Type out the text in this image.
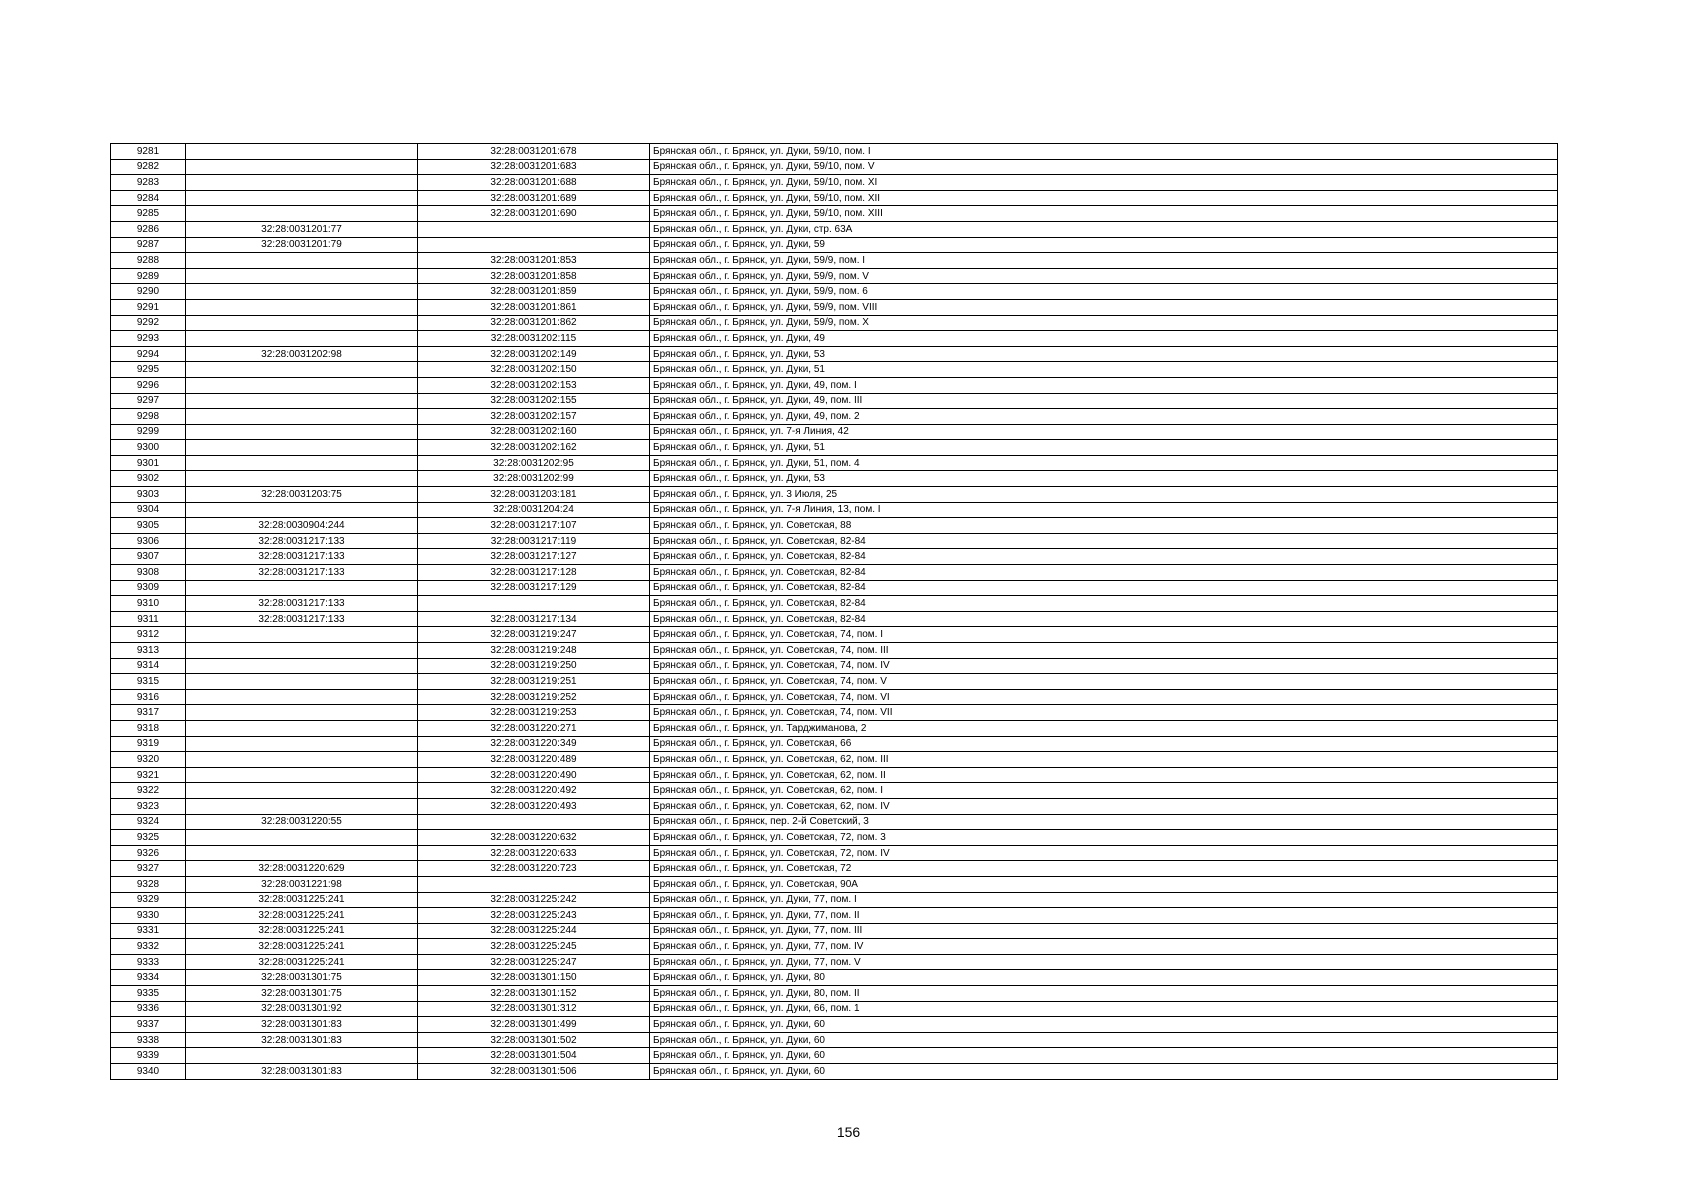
9281		32:28:0031201:678	Брянская обл., г. Брянск, ул. Дуки, 59/10, пом. I
9282		32:28:0031201:683	Брянская обл., г. Брянск, ул. Дуки, 59/10, пом. V
9283		32:28:0031201:688	Брянская обл., г. Брянск, ул. Дуки, 59/10, пом. XI
9284		32:28:0031201:689	Брянская обл., г. Брянск, ул. Дуки, 59/10, пом. XII
9285		32:28:0031201:690	Брянская обл., г. Брянск, ул. Дуки, 59/10, пом. XIII
9286	32:28:0031201:77		Брянская обл., г. Брянск, ул. Дуки, стр. 63А
9287	32:28:0031201:79		Брянская обл., г. Брянск, ул. Дуки, 59
9288		32:28:0031201:853	Брянская обл., г. Брянск, ул. Дуки, 59/9, пом. I
9289		32:28:0031201:858	Брянская обл., г. Брянск, ул. Дуки, 59/9, пом. V
9290		32:28:0031201:859	Брянская обл., г. Брянск, ул. Дуки, 59/9, пом. 6
9291		32:28:0031201:861	Брянская обл., г. Брянск, ул. Дуки, 59/9, пом. VIII
9292		32:28:0031201:862	Брянская обл., г. Брянск, ул. Дуки, 59/9, пом. X
9293		32:28:0031202:115	Брянская обл., г. Брянск, ул. Дуки, 49
9294	32:28:0031202:98	32:28:0031202:149	Брянская обл., г. Брянск, ул. Дуки, 53
9295		32:28:0031202:150	Брянская обл., г. Брянск, ул. Дуки, 51
9296		32:28:0031202:153	Брянская обл., г. Брянск, ул. Дуки, 49, пом. I
9297		32:28:0031202:155	Брянская обл., г. Брянск, ул. Дуки, 49, пом. III
9298		32:28:0031202:157	Брянская обл., г. Брянск, ул. Дуки, 49, пом. 2
9299		32:28:0031202:160	Брянская обл., г. Брянск, ул. 7-я Линия, 42
9300		32:28:0031202:162	Брянская обл., г. Брянск, ул. Дуки, 51
9301		32:28:0031202:95	Брянская обл., г. Брянск, ул. Дуки, 51, пом. 4
9302		32:28:0031202:99	Брянская обл., г. Брянск, ул. Дуки, 53
9303	32:28:0031203:75	32:28:0031203:181	Брянская обл., г. Брянск, ул. 3 Июля, 25
9304		32:28:0031204:24	Брянская обл., г. Брянск, ул. 7-я Линия, 13, пом. I
9305	32:28:0030904:244	32:28:0031217:107	Брянская обл., г. Брянск, ул. Советская, 88
9306	32:28:0031217:133	32:28:0031217:119	Брянская обл., г. Брянск, ул. Советская, 82-84
9307	32:28:0031217:133	32:28:0031217:127	Брянская обл., г. Брянск, ул. Советская, 82-84
9308	32:28:0031217:133	32:28:0031217:128	Брянская обл., г. Брянск, ул. Советская, 82-84
9309		32:28:0031217:129	Брянская обл., г. Брянск, ул. Советская, 82-84
9310	32:28:0031217:133		Брянская обл., г. Брянск, ул. Советская, 82-84
9311	32:28:0031217:133	32:28:0031217:134	Брянская обл., г. Брянск, ул. Советская, 82-84
9312		32:28:0031219:247	Брянская обл., г. Брянск, ул. Советская, 74, пом. I
9313		32:28:0031219:248	Брянская обл., г. Брянск, ул. Советская, 74, пом. III
9314		32:28:0031219:250	Брянская обл., г. Брянск, ул. Советская, 74, пом. IV
9315		32:28:0031219:251	Брянская обл., г. Брянск, ул. Советская, 74, пом. V
9316		32:28:0031219:252	Брянская обл., г. Брянск, ул. Советская, 74, пом. VI
9317		32:28:0031219:253	Брянская обл., г. Брянск, ул. Советская, 74, пом. VII
9318		32:28:0031220:271	Брянская обл., г. Брянск, ул. Тарджиманова, 2
9319		32:28:0031220:349	Брянская обл., г. Брянск, ул. Советская, 66
9320		32:28:0031220:489	Брянская обл., г. Брянск, ул. Советская, 62, пом. III
9321		32:28:0031220:490	Брянская обл., г. Брянск, ул. Советская, 62, пом. II
9322		32:28:0031220:492	Брянская обл., г. Брянск, ул. Советская, 62, пом. I
9323		32:28:0031220:493	Брянская обл., г. Брянск, ул. Советская, 62, пом. IV
9324	32:28:0031220:55		Брянская обл., г. Брянск, пер. 2-й Советский, 3
9325		32:28:0031220:632	Брянская обл., г. Брянск, ул. Советская, 72, пом. 3
9326		32:28:0031220:633	Брянская обл., г. Брянск, ул. Советская, 72, пом. IV
9327	32:28:0031220:629	32:28:0031220:723	Брянская обл., г. Брянск, ул. Советская, 72
9328	32:28:0031221:98		Брянская обл., г. Брянск, ул. Советская, 90А
9329	32:28:0031225:241	32:28:0031225:242	Брянская обл., г. Брянск, ул. Дуки, 77, пом. I
9330	32:28:0031225:241	32:28:0031225:243	Брянская обл., г. Брянск, ул. Дуки, 77, пом. II
9331	32:28:0031225:241	32:28:0031225:244	Брянская обл., г. Брянск, ул. Дуки, 77, пом. III
9332	32:28:0031225:241	32:28:0031225:245	Брянская обл., г. Брянск, ул. Дуки, 77, пом. IV
9333	32:28:0031225:241	32:28:0031225:247	Брянская обл., г. Брянск, ул. Дуки, 77, пом. V
9334	32:28:0031301:75	32:28:0031301:150	Брянская обл., г. Брянск, ул. Дуки, 80
9335	32:28:0031301:75	32:28:0031301:152	Брянская обл., г. Брянск, ул. Дуки, 80, пом. II
9336	32:28:0031301:92	32:28:0031301:312	Брянская обл., г. Брянск, ул. Дуки, 66, пом. 1
9337	32:28:0031301:83	32:28:0031301:499	Брянская обл., г. Брянск, ул. Дуки, 60
9338	32:28:0031301:83	32:28:0031301:502	Брянская обл., г. Брянск, ул. Дуки, 60
9339		32:28:0031301:504	Брянская обл., г. Брянск, ул. Дуки, 60
9340	32:28:0031301:83	32:28:0031301:506	Брянская обл., г. Брянск, ул. Дуки, 60
156
